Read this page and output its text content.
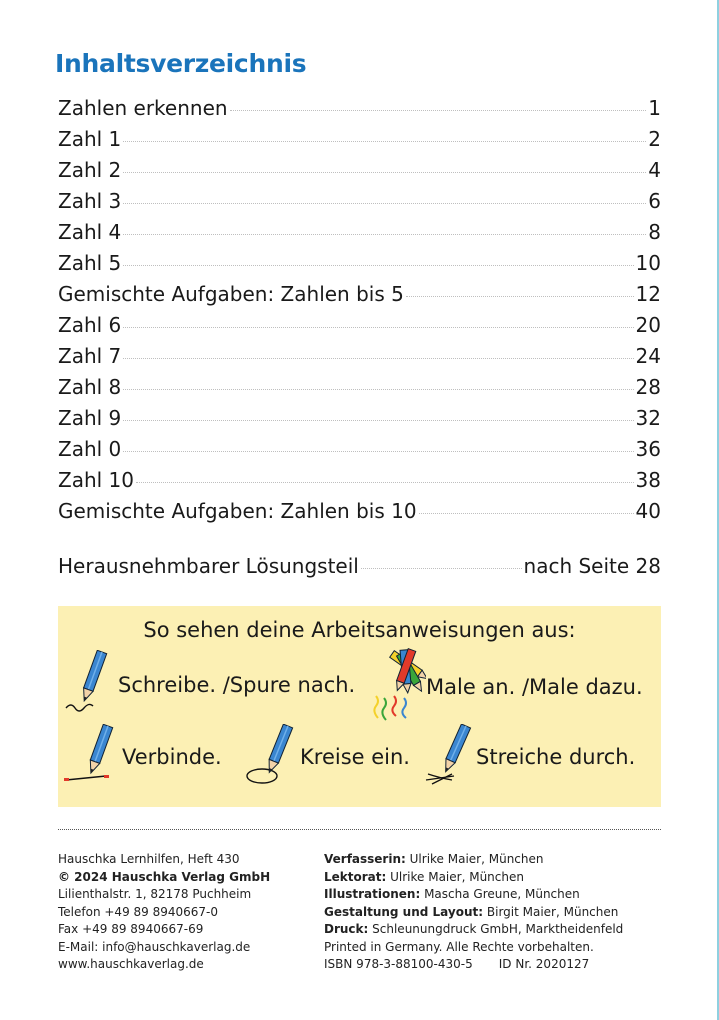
Inhaltsverzeichnis
Zahlen erkennen	1
Zahl 1	2
Zahl 2	4
Zahl 3	6
Zahl 4	8
Zahl 5	10
Gemischte Aufgaben: Zahlen bis 5	12
Zahl 6	20
Zahl 7	24
Zahl 8	28
Zahl 9	32
Zahl 0	36
Zahl 10	38
Gemischte Aufgaben: Zahlen bis 10	40
Herausnehmbarer Lösungsteil	nach Seite 28
So sehen deine Arbeitsanweisungen aus:
Schreibe. /Spure nach.	Male an. /Male dazu.
Verbinde.	Kreise ein.	Streiche durch.
Hauschka Lernhilfen, Heft 430
© 2024 Hauschka Verlag GmbH
Lilienthalstr. 1, 82178 Puchheim
Telefon +49 89 8940667-0
Fax +49 89 8940667-69
E-Mail: info@hauschkaverlag.de
www.hauschkaverlag.de
Verfasserin: Ulrike Maier, München
Lektorat: Ulrike Maier, München
Illustrationen: Mascha Greune, München
Gestaltung und Layout: Birgit Maier, München
Druck: Schleunungdruck GmbH, Marktheidenfeld
Printed in Germany. Alle Rechte vorbehalten.
ISBN 978-3-88100-430-5 ID Nr. 2020127
